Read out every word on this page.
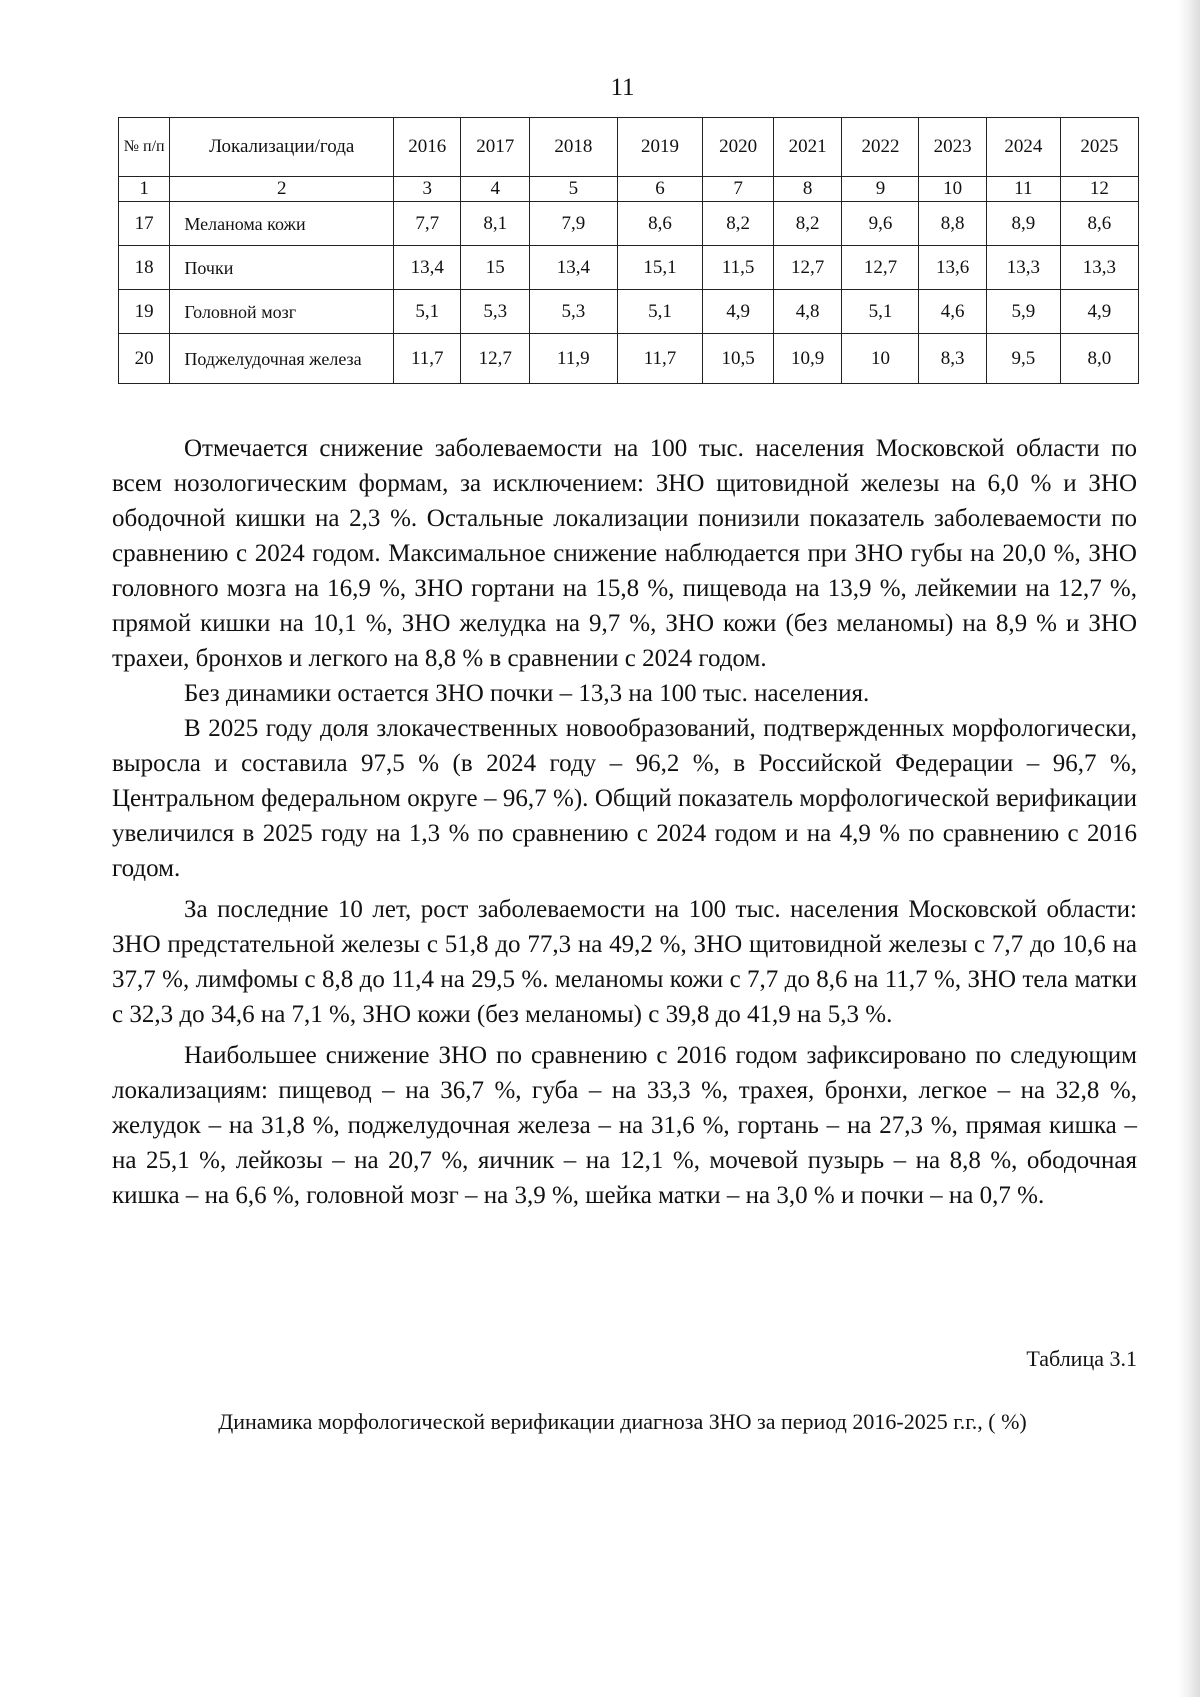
11
№ п/п	Локализации/года	2016	2017	2018	2019	2020	2021	2022	2023	2024	2025
1	2	3	4	5	6	7	8	9	10	11	12
17	Меланома кожи	7,7	8,1	7,9	8,6	8,2	8,2	9,6	8,8	8,9	8,6
18	Почки	13,4	15	13,4	15,1	11,5	12,7	12,7	13,6	13,3	13,3
19	Головной мозг	5,1	5,3	5,3	5,1	4,9	4,8	5,1	4,6	5,9	4,9
20	Поджелудочная железа	11,7	12,7	11,9	11,7	10,5	10,9	10	8,3	9,5	8,0

Отмечается снижение заболеваемости на 100 тыс. населения Московской области по всем нозологическим формам, за исключением: ЗНО щитовидной железы на 6,0 % и ЗНО ободочной кишки на 2,3 %. Остальные локализации понизили показатель заболеваемости по сравнению с 2024 годом. Максимальное снижение наблюдается при ЗНО губы на 20,0 %, ЗНО головного мозга на 16,9 %, ЗНО гортани на 15,8 %, пищевода на 13,9 %, лейкемии на 12,7 %, прямой кишки на 10,1 %, ЗНО желудка на 9,7 %, ЗНО кожи (без меланомы) на 8,9 % и ЗНО трахеи, бронхов и легкого на 8,8 % в сравнении с 2024 годом.

Без динамики остается ЗНО почки – 13,3 на 100 тыс. населения.

В 2025 году доля злокачественных новообразований, подтвержденных морфологически, выросла и составила 97,5 % (в 2024 году – 96,2 %, в Российской Федерации – 96,7 %, Центральном федеральном округе – 96,7 %). Общий показатель морфологической верификации увеличился в 2025 году на 1,3 % по сравнению с 2024 годом и на 4,9 % по сравнению с 2016 годом.

За последние 10 лет, рост заболеваемости на 100 тыс. населения Московской области: ЗНО предстательной железы с 51,8 до 77,3 на 49,2 %, ЗНО щитовидной железы с 7,7 до 10,6 на 37,7 %, лимфомы с 8,8 до 11,4 на 29,5 %. меланомы кожи с 7,7 до 8,6 на 11,7 %, ЗНО тела матки с 32,3 до 34,6 на 7,1 %, ЗНО кожи (без меланомы) с 39,8 до 41,9 на 5,3 %.

Наибольшее снижение ЗНО по сравнению с 2016 годом зафиксировано по следующим локализациям: пищевод – на 36,7 %, губа – на 33,3 %, трахея, бронхи, легкое – на 32,8 %, желудок – на 31,8 %, поджелудочная железа – на 31,6 %, гортань – на 27,3 %, прямая кишка – на 25,1 %, лейкозы – на 20,7 %, яичник – на 12,1 %, мочевой пузырь – на 8,8 %, ободочная кишка – на 6,6 %, головной мозг – на 3,9 %, шейка матки – на 3,0 % и почки – на 0,7 %.

Таблица 3.1
Динамика морфологической верификации диагноза ЗНО за период 2016-2025 г.г., ( %)
